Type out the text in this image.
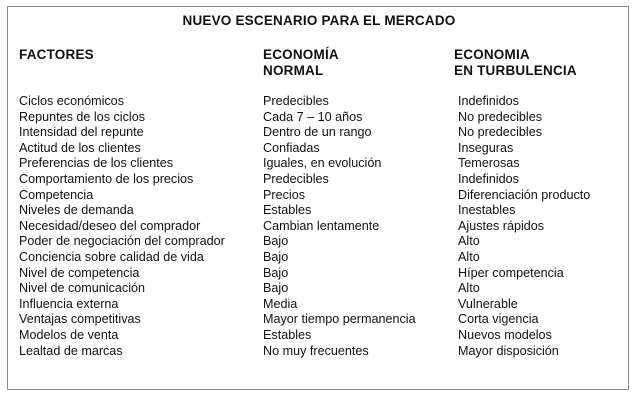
NUEVO ESCENARIO PARA EL MERCADO
FACTORES	ECONOMÍA
NORMAL
ECONOMIA
EN TURBULENCIA
Ciclos económicos
Repuntes de los ciclos
Intensidad del repunte
Actitud de los clientes
Preferencias de los clientes
Comportamiento de los precios
Competencia
Niveles de demanda
Necesidad/deseo del comprador
Poder de negociación del comprador
Conciencia sobre calidad de vida
Nivel de competencia
Nivel de comunicación
Influencia externa
Ventajas competitivas
Modelos de venta
Lealtad de marcas
Predecibles
Cada 7 – 10 años
Dentro de un rango
Confiadas
Iguales, en evolución
Predecibles
Precios
Estables
Cambian lentamente
Bajo
Bajo
Bajo
Bajo
Media
Mayor tiempo permanencia
Estables
No muy frecuentes
Indefinidos
No predecibles
No predecibles
Inseguras
Temerosas
Indefinidos
Diferenciación producto
Inestables
Ajustes rápidos
Alto
Alto
Híper competencia
Alto
Vulnerable
Corta vigencia
Nuevos modelos
Mayor disposición
